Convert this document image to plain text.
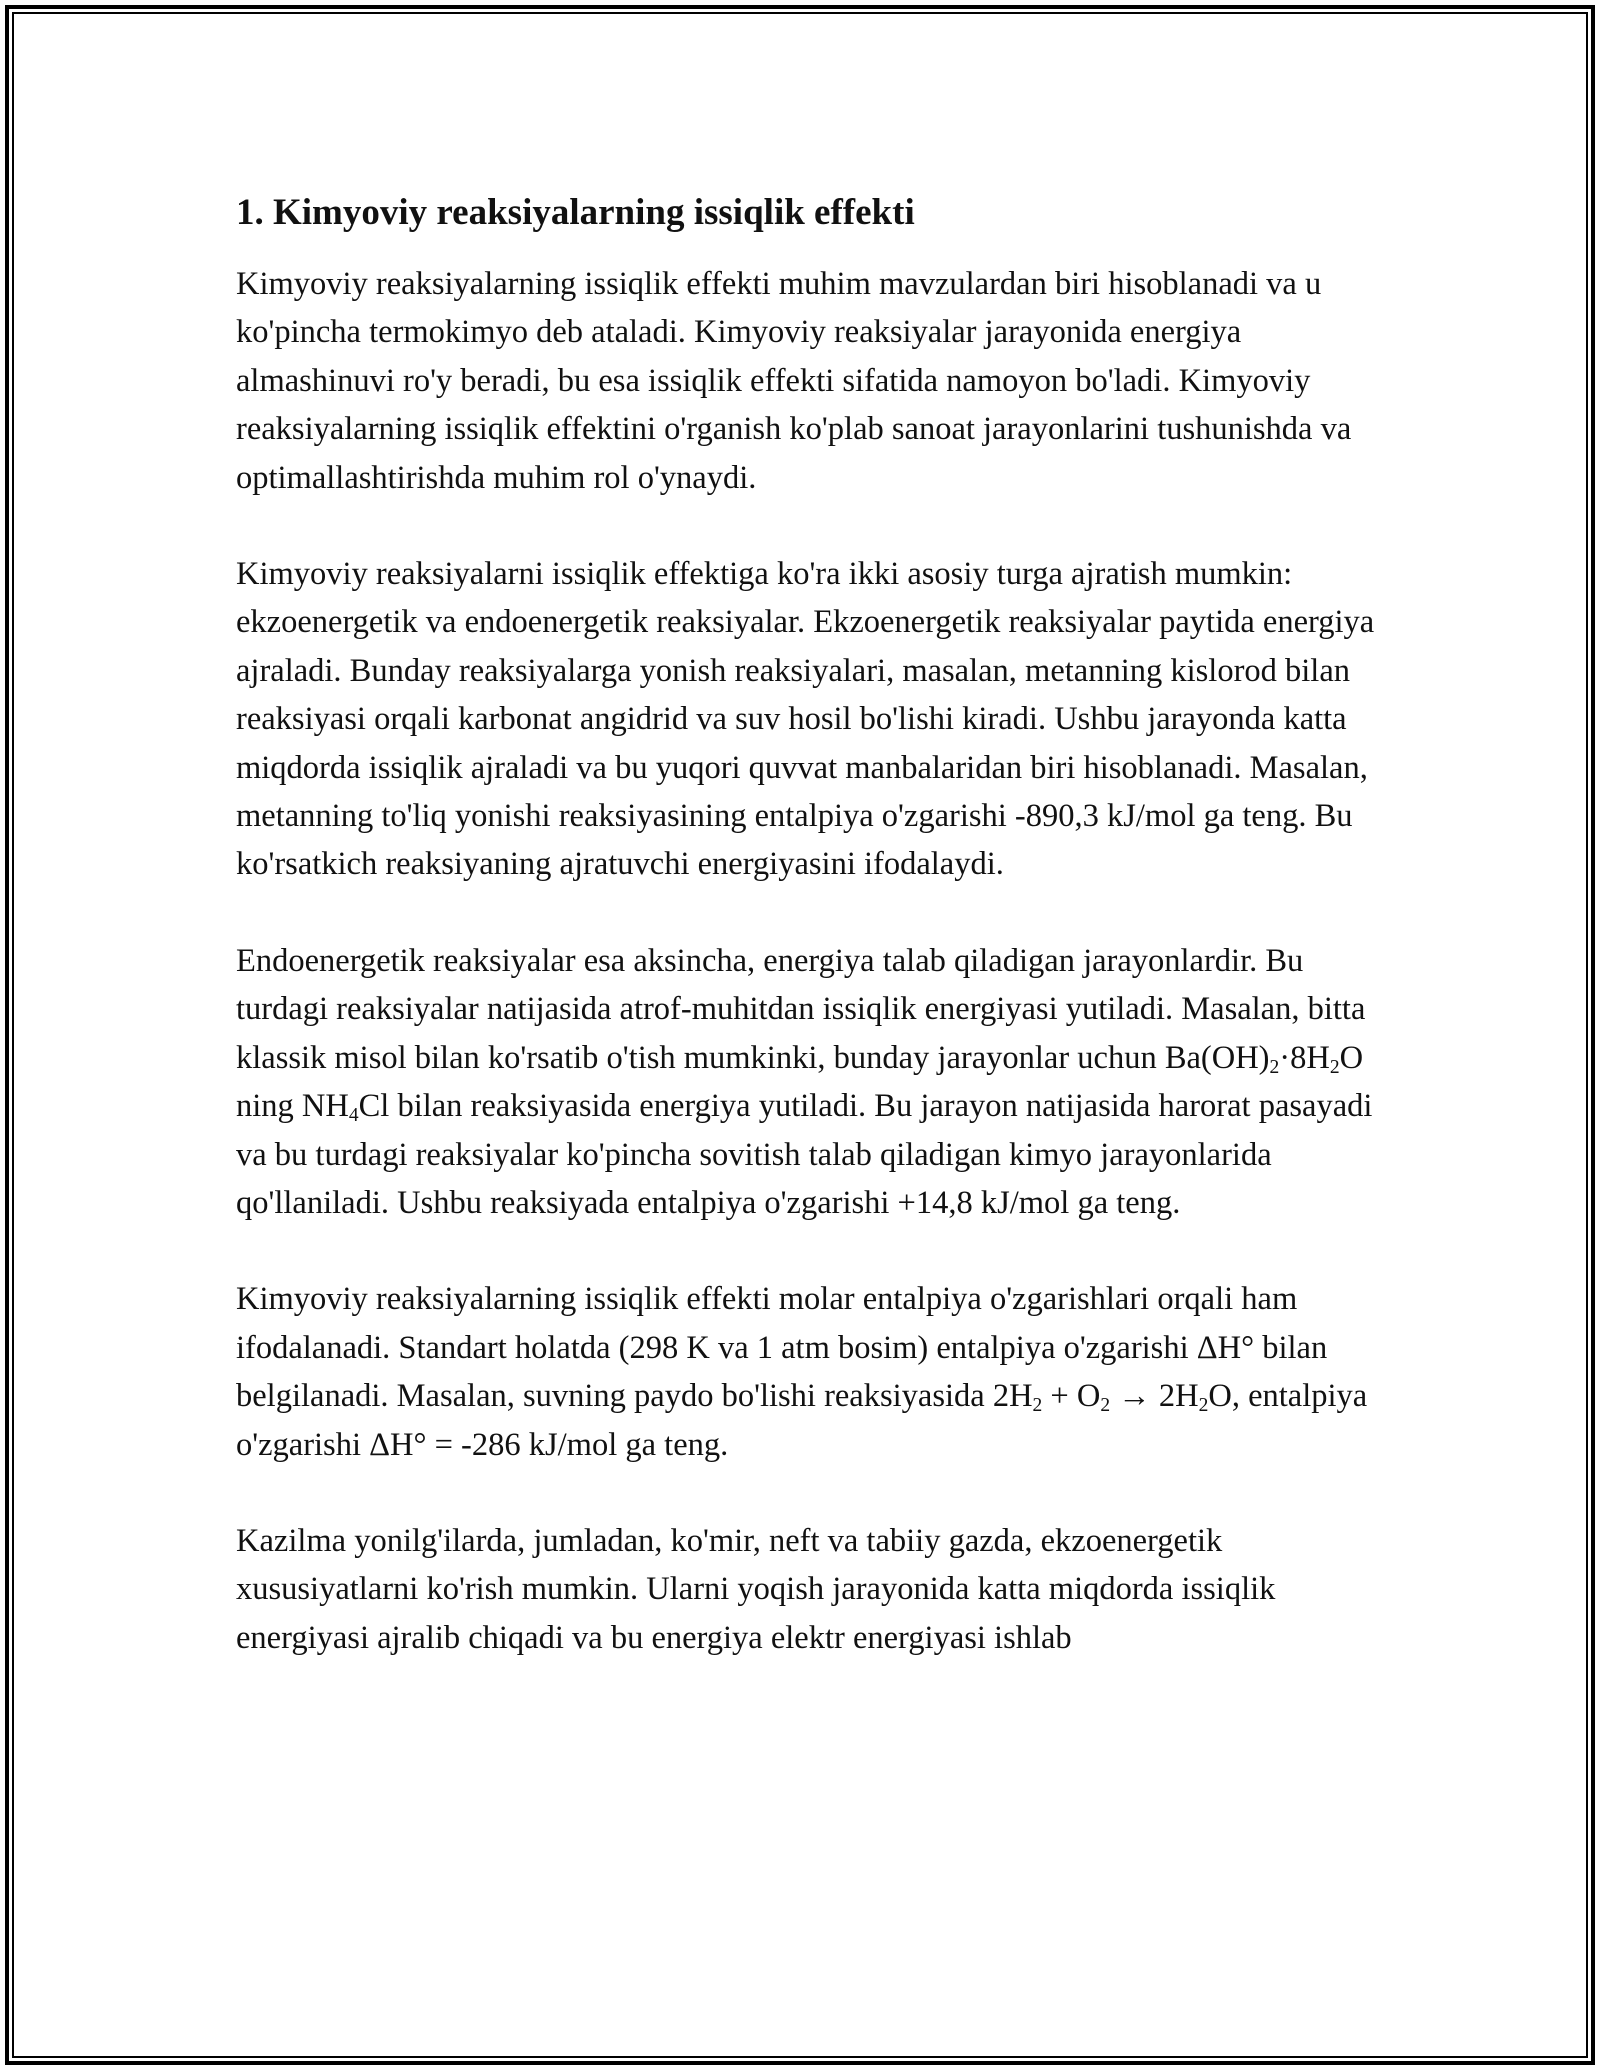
1. Kimyoviy reaksiyalarning issiqlik effekti

Kimyoviy reaksiyalarning issiqlik effekti muhim mavzulardan biri hisoblanadi va u ko'pincha termokimyo deb ataladi. Kimyoviy reaksiyalar jarayonida energiya almashinuvi ro'y beradi, bu esa issiqlik effekti sifatida namoyon bo'ladi. Kimyoviy reaksiyalarning issiqlik effektini o'rganish ko'plab sanoat jarayonlarini tushunishda va optimallashtirishda muhim rol o'ynaydi.

Kimyoviy reaksiyalarni issiqlik effektiga ko'ra ikki asosiy turga ajratish mumkin: ekzoenergetik va endoenergetik reaksiyalar. Ekzoenergetik reaksiyalar paytida energiya ajraladi. Bunday reaksiyalarga yonish reaksiyalari, masalan, metanning kislorod bilan reaksiyasi orqali karbonat angidrid va suv hosil bo'lishi kiradi. Ushbu jarayonda katta miqdorda issiqlik ajraladi va bu yuqori quvvat manbalaridan biri hisoblanadi. Masalan, metanning to'liq yonishi reaksiyasining entalpiya o'zgarishi -890,3 kJ/mol ga teng. Bu ko'rsatkich reaksiyaning ajratuvchi energiyasini ifodalaydi.

Endoenergetik reaksiyalar esa aksincha, energiya talab qiladigan jarayonlardir. Bu turdagi reaksiyalar natijasida atrof-muhitdan issiqlik energiyasi yutiladi. Masalan, bitta klassik misol bilan ko'rsatib o'tish mumkinki, bunday jarayonlar uchun $Ba(OH)_2\cdot 8H_2O$ ning $NH_4Cl$ bilan reaksiyasida energiya yutiladi. Bu jarayon natijasida harorat pasayadi va bu turdagi reaksiyalar ko'pincha sovitish talab qiladigan kimyo jarayonlarida qo'llaniladi. Ushbu reaksiyada entalpiya o'zgarishi +14,8 kJ/mol ga teng.

Kimyoviy reaksiyalarning issiqlik effekti molar entalpiya o'zgarishlari orqali ham ifodalanadi. Standart holatda (298 K va 1 atm bosim) entalpiya o'zgarishi ΔH° bilan belgilanadi. Masalan, suvning paydo bo'lishi reaksiyasida $2H_2 + O_2 \to 2H_2O$, entalpiya o'zgarishi ΔH° = -286 kJ/mol ga teng.

Kazilma yonilg'ilarda, jumladan, ko'mir, neft va tabiiy gazda, ekzoenergetik xususiyatlarni ko'rish mumkin. Ularni yoqish jarayonida katta miqdorda issiqlik energiyasi ajralib chiqadi va bu energiya elektr energiyasi ishlab
